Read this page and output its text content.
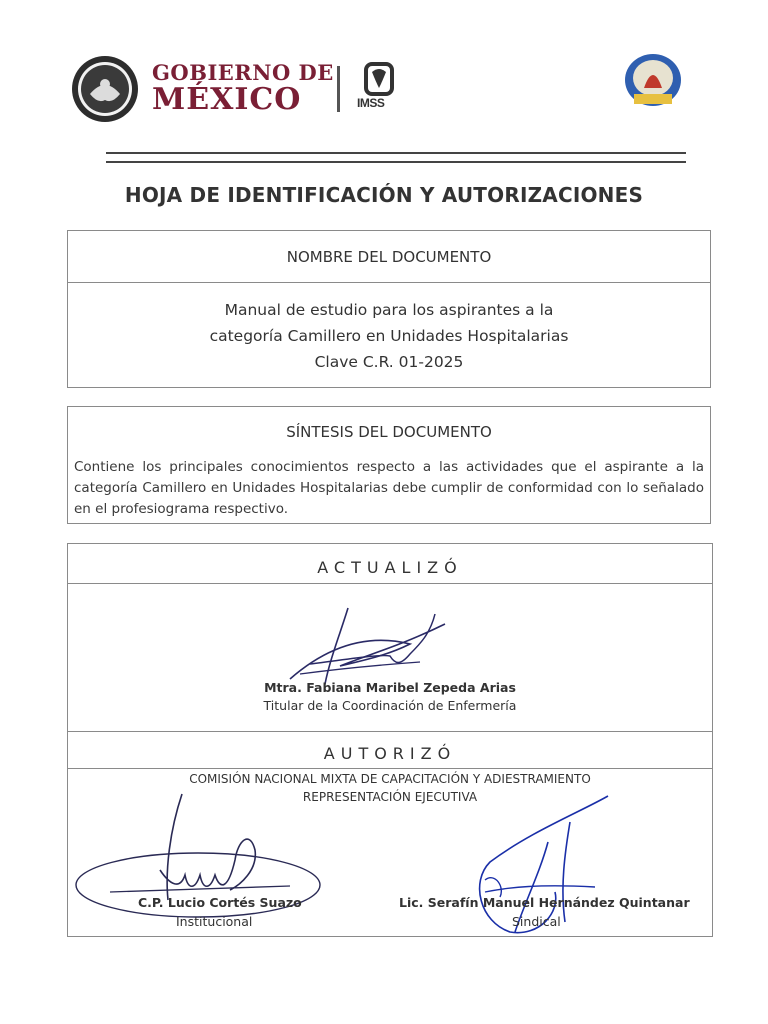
GOBIERNO DE
MÉXICO	IMSS
HOJA DE IDENTIFICACIÓN Y AUTORIZACIONES
NOMBRE DEL DOCUMENTO
Manual de estudio para los aspirantes a la
categoría Camillero en Unidades Hospitalarias
Clave C.R. 01-2025
SÍNTESIS DEL DOCUMENTO
Contiene los principales conocimientos respecto a las actividades que el aspirante a la categoría Camillero en Unidades Hospitalarias debe cumplir de conformidad con lo señalado en el profesiograma respectivo.
ACTUALIZÓ
Mtra. Fabiana Maribel Zepeda Arias
Titular de la Coordinación de Enfermería
AUTORIZÓ
COMISIÓN NACIONAL MIXTA DE CAPACITACIÓN Y ADIESTRAMIENTO
REPRESENTACIÓN EJECUTIVA
C.P. Lucio Cortés Suazo
Institucional
Lic. Serafín Manuel Hernández Quintanar
Sindical
